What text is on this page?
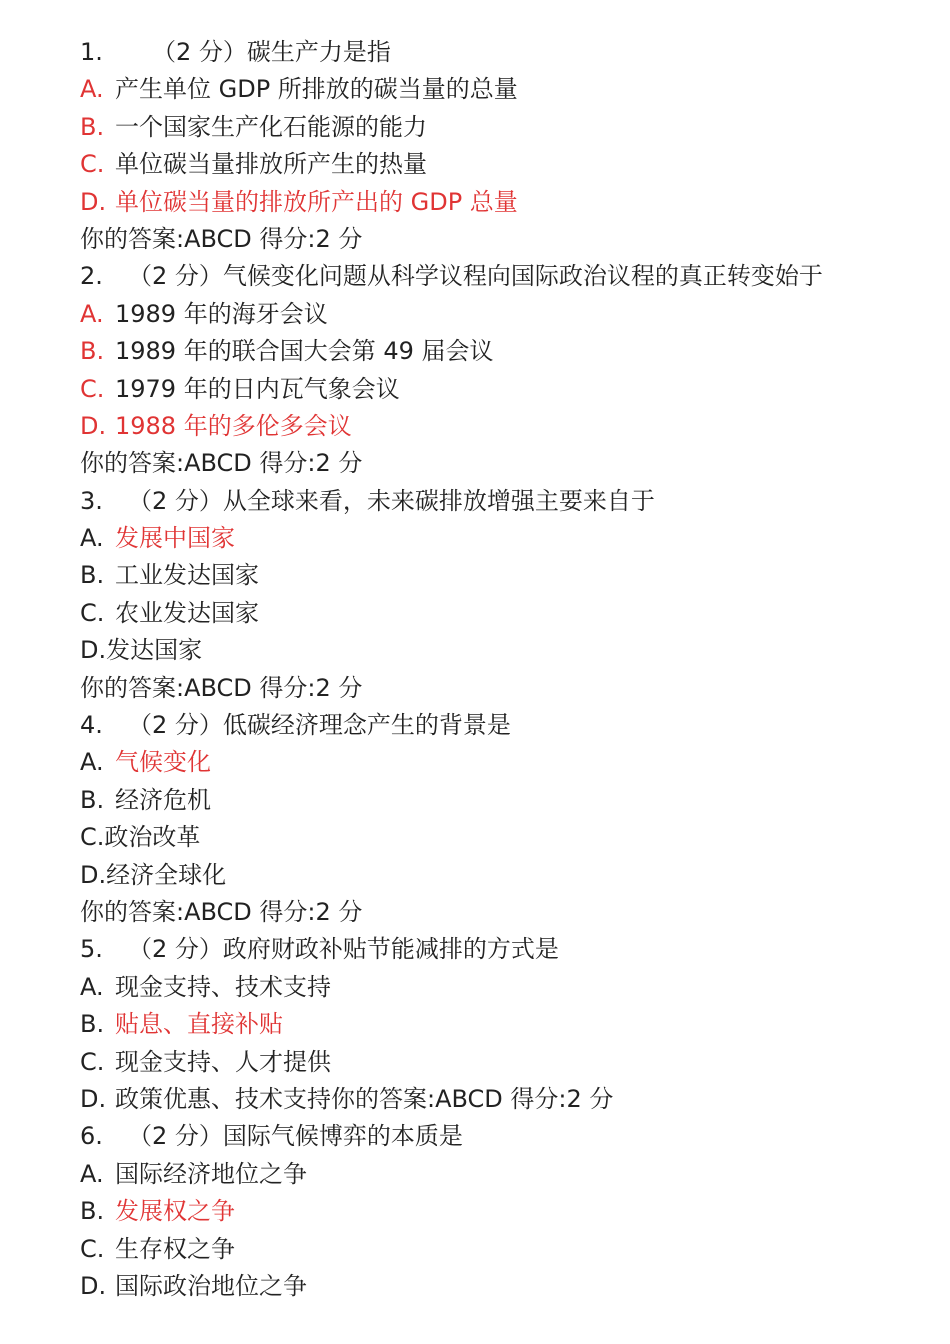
1.	（2 分）碳生产力是指
A. 产生单位 GDP 所排放的碳当量的总量
B. 一个国家生产化石能源的能力
C. 单位碳当量排放所产生的热量
D. 单位碳当量的排放所产出的 GDP 总量
你的答案:ABCD 得分:2 分
2.	（2 分）气候变化问题从科学议程向国际政治议程的真正转变始于
A. 1989 年的海牙会议
B. 1989 年的联合国大会第 49 届会议
C. 1979 年的日内瓦气象会议
D. 1988 年的多伦多会议
你的答案:ABCD 得分:2 分
3.	（2 分）从全球来看，未来碳排放增强主要来自于
A. 发展中国家
B. 工业发达国家
C. 农业发达国家
D. 发达国家
你的答案:ABCD 得分:2 分
4.	（2 分）低碳经济理念产生的背景是
A. 气候变化
B. 经济危机
C. 政治改革
D. 经济全球化
你的答案:ABCD 得分:2 分
5.	（2 分）政府财政补贴节能减排的方式是
A. 现金支持、技术支持
B. 贴息、直接补贴
C. 现金支持、人才提供
D. 政策优惠、技术支持你的答案:ABCD 得分:2 分
6.	（2 分）国际气候博弈的本质是
A. 国际经济地位之争
B. 发展权之争
C. 生存权之争
D. 国际政治地位之争
